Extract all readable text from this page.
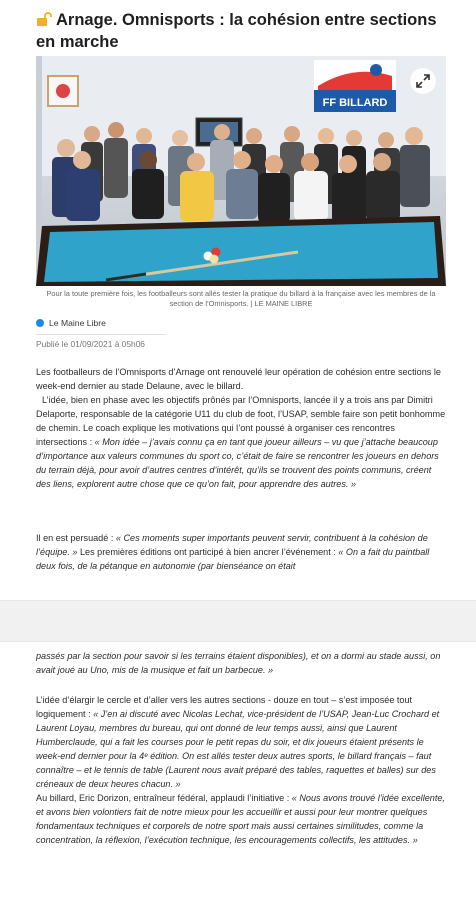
Arnage. Omnisports : la cohésion entre sections en marche
FF BILLARD

Pour la toute première fois, les footballeurs sont allés tester la pratique du billard à la française avec les membres de la section de l’Omnisports. | LE MAINE LIBRE

Le Maine Libre
Publié le 01/09/2021 à 05h06

Les footballeurs de l’Omnisports d’Arnage ont renouvelé leur opération de cohésion entre sections le week-end dernier au stade Delaune, avec le billard.

L’idée, bien en phase avec les objectifs prônés par l’Omnisports, lancée il y a trois ans par Dimitri Delaporte, responsable de la catégorie U11 du club de foot, l’USAP, semble faire son petit bonhomme de chemin. Le coach explique les motivations qui l’ont poussé à organiser ces rencontres intersections : « Mon idée – j’avais connu ça en tant que joueur ailleurs – vu que j’attache beaucoup d’importance aux valeurs communes du sport co, c’était de faire se rencontrer les joueurs en dehors du terrain déjà, pour avoir d’autres centres d’intérêt, qu’ils se trouvent des points communs, créent des liens, explorent autre chose que ce qu’on fait, pour apprendre des autres. »

Il en est persuadé : « Ces moments super importants peuvent servir, contribuent à la cohésion de l’équipe. » Les premières éditions ont participé à bien ancrer l’événement : « On a fait du paintball deux fois, de la pétanque en autonomie (par bienséance on était

passés par la section pour savoir si les terrains étaient disponibles), et on a dormi au stade aussi, on avait joué au Uno, mis de la musique et fait un barbecue. »

L’idée d’élargir le cercle et d’aller vers les autres sections - douze en tout – s’est imposée tout logiquement : « J’en ai discuté avec Nicolas Lechat, vice-président de l’USAP, Jean-Luc Crochard et Laurent Loyau, membres du bureau, qui ont donné de leur temps aussi, ainsi que Laurent Humberclaude, qui a fait les courses pour le petit repas du soir, et dix joueurs étaient présents le week-end dernier pour la 4ᵉ édition. On est allés tester deux autres sports, le billard français – faut connaître – et le tennis de table (Laurent nous avait préparé des tables, raquettes et balles) sur des créneaux de deux heures chacun. »

Au billard, Eric Dorizon, entraîneur fédéral, applaudi l’initiative : « Nous avons trouvé l’idée excellente, et avons bien volontiers fait de notre mieux pour les accueillir et aussi pour leur montrer quelques fondamentaux techniques et corporels de notre sport mais aussi certaines similitudes, comme la concentration, la réflexion, l’exécution technique, les encouragements collectifs, les attitudes. »
